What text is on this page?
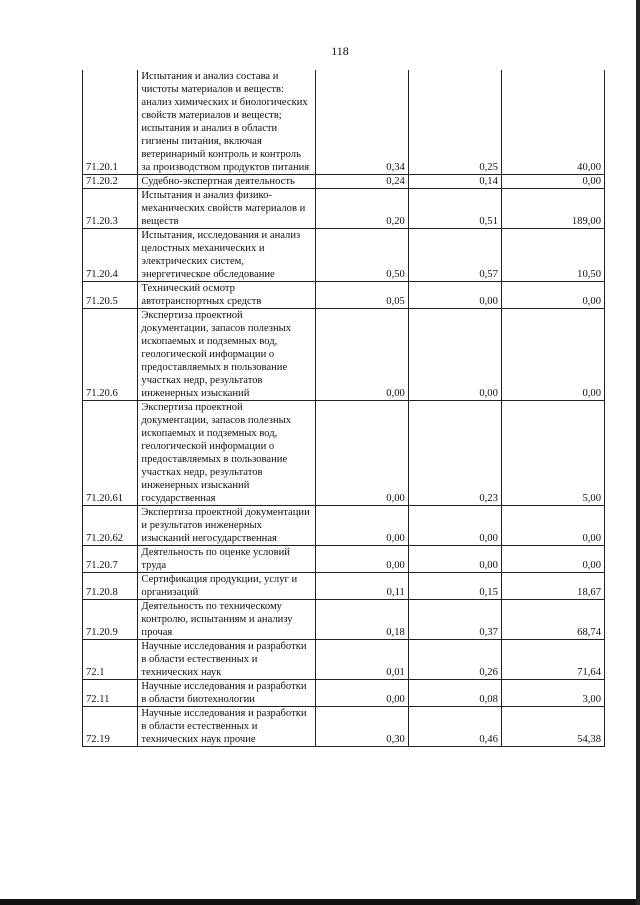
118
71.20.1	Испытания и анализ состава и чистоты материалов и веществ: анализ химических и биологических свойств материалов и веществ; испытания и анализ в области гигиены питания, включая ветеринарный контроль и контроль за производством продуктов питания	0,34	0,25	40,00
71.20.2	Судебно-экспертная деятельность	0,24	0,14	0,00
71.20.3	Испытания и анализ физико-механических свойств материалов и веществ	0,20	0,51	189,00
71.20.4	Испытания, исследования и анализ целостных механических и электрических систем, энергетическое обследование	0,50	0,57	10,50
71.20.5	Технический осмотр автотранспортных средств	0,05	0,00	0,00
71.20.6	Экспертиза проектной документации, запасов полезных ископаемых и подземных вод, геологической информации о предоставляемых в пользование участках недр, результатов инженерных изысканий	0,00	0,00	0,00
71.20.61	Экспертиза проектной документации, запасов полезных ископаемых и подземных вод, геологической информации о предоставляемых в пользование участках недр, результатов инженерных изысканий государственная	0,00	0,23	5,00
71.20.62	Экспертиза проектной документации и результатов инженерных изысканий негосударственная	0,00	0,00	0,00
71.20.7	Деятельность по оценке условий труда	0,00	0,00	0,00
71.20.8	Сертификация продукции, услуг и организаций	0,11	0,15	18,67
71.20.9	Деятельность по техническому контролю, испытаниям и анализу прочая	0,18	0,37	68,74
72.1	Научные исследования и разработки в области естественных и технических наук	0,01	0,26	71,64
72.11	Научные исследования и разработки в области биотехнологии	0,00	0,08	3,00
72.19	Научные исследования и разработки в области естественных и технических наук прочие	0,30	0,46	54,38
